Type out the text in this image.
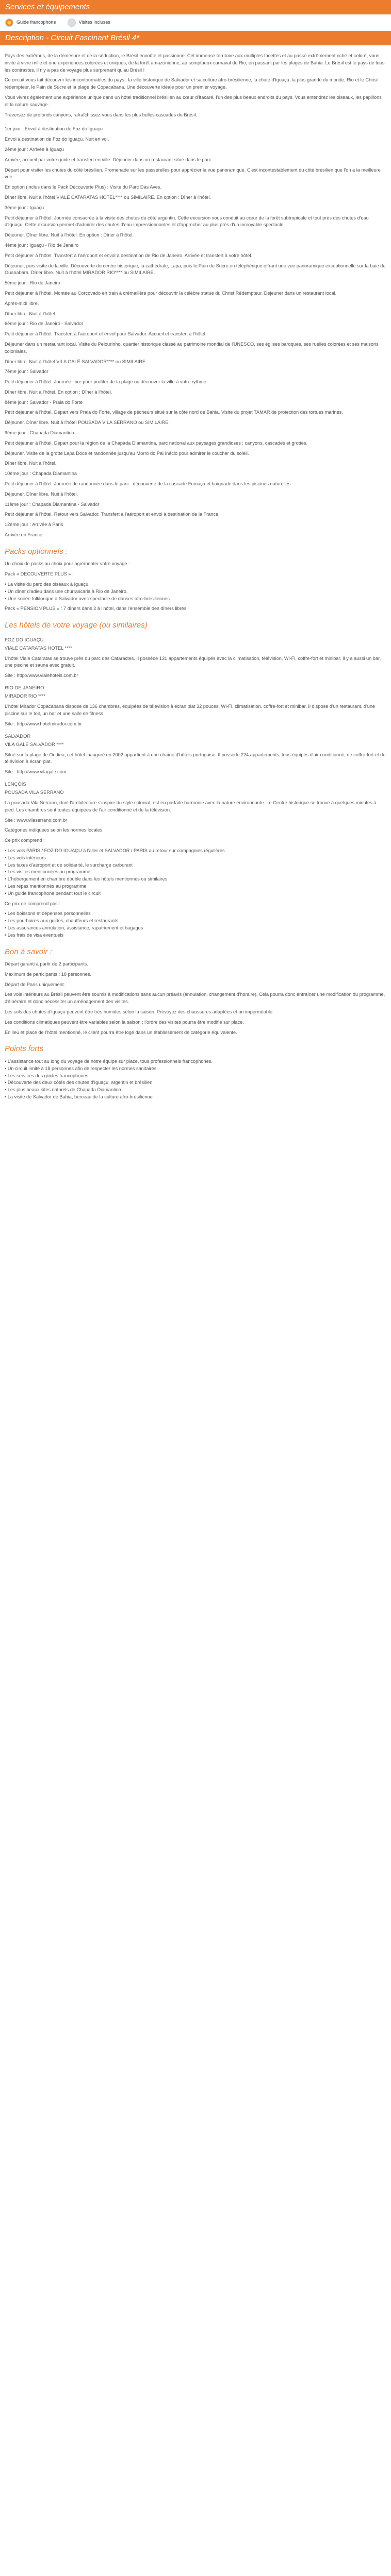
Services et équipements
Guide francophone	Visites incluses
Description - Circuit Fascinant Brésil 4*

Pays des extrêmes, de la démesure et de la séduction, le Brésil envoûte et passionne. Cet immense territoire aux multiples facettes et au passé extrêmement riche et coloré, vous invite à vivre mille et une expériences colorées et uniques, de la forêt amazonienne, au somptueux carnaval de Rio, en passant par les plages de Bahia. Le Brésil est le pays de tous les contrastes, il n'y a pas de voyage plus surprenant qu'au Brésil !

Ce circuit vous fait découvrir les incontournables du pays : la ville historique de Salvador et sa culture afro-brésilienne, la chute d'Iguaçu, la plus grande du monde, Rio et le Christ rédempteur, le Pain de Sucre et la plage de Copacabana. Une découverte idéale pour un premier voyage.

Vous vivrez également une expérience unique dans un hôtel traditionnel brésilien au cœur d'Itacaré, l'un des plus beaux endroits du pays. Vous entendrez les oiseaux, les papillons et la nature sauvage.

Traversez de profonds canyons, rafraîchissez-vous dans les plus belles cascades du Brésil.

1er jour : Envol à destination de Foz do Iguaçu

Envol à destination de Foz do Iguaçu. Nuit en vol.

2ème jour : Arrivée à Iguaçu

Arrivée, accueil par votre guide et transfert en ville. Déjeuner dans un restaurant situé dans le parc.

Départ pour visiter les chutes du côté brésilien. Promenade sur les passerelles pour apprécier la vue panoramique. C'est incontestablement du côté brésilien que l'on a la meilleure vue.

En option (inclus dans le Pack Découverte Plus) : Visite du Parc Das Aves.

Dîner libre. Nuit à l'hôtel VIALE CATARATAS HOTEL**** ou SIMILAIRE. En option : Dîner à l'hôtel.

3ème jour : Iguaçu

Petit déjeuner à l'hôtel. Journée consacrée à la visite des chutes du côté argentin. Cette excursion vous conduit au cœur de la forêt subtropicale et tout près des chutes d'eau d'Iguaçu. Cette excursion permet d'admirer des chutes d'eau impressionnantes et d'approcher au plus près d'un incroyable spectacle.

Déjeuner. Dîner libre. Nuit à l'hôtel. En option : Dîner à l'hôtel.

4ème jour : Iguaçu - Rio de Janeiro

Petit déjeuner à l'hôtel. Transfert à l'aéroport et envol à destination de Rio de Janeiro. Arrivée et transfert à votre hôtel.

Déjeuner, puis visite de la ville. Découverte du centre historique, la cathédrale, Lapa, puis le Pain de Sucre en téléphérique offrant une vue panoramique exceptionnelle sur la baie de Guanabara. Dîner libre. Nuit à l'hôtel MIRADOR RIO**** ou SIMILAIRE.

5ème jour : Rio de Janeiro

Petit déjeuner à l'hôtel. Montée au Corcovado en train à crémaillère pour découvrir la célèbre statue du Christ Rédempteur. Déjeuner dans un restaurant local.

Après-midi libre.

Dîner libre. Nuit à l'hôtel.

6ème jour : Rio de Janeiro - Salvador

Petit déjeuner à l'hôtel. Transfert à l'aéroport et envol pour Salvador. Accueil et transfert à l'hôtel.

Déjeuner dans un restaurant local. Visite du Pelourinho, quartier historique classé au patrimoine mondial de l'UNESCO, ses églises baroques, ses ruelles colorées et ses maisons coloniales.

Dîner libre. Nuit à l'hôtel VILA GALÉ SALVADOR**** ou SIMILAIRE.

7ème jour : Salvador

Petit déjeuner à l'hôtel. Journée libre pour profiter de la plage ou découvrir la ville à votre rythme.

Dîner libre. Nuit à l'hôtel. En option : Dîner à l'hôtel.

8ème jour : Salvador - Praia do Forte

Petit déjeuner à l'hôtel. Départ vers Praia do Forte, village de pêcheurs situé sur la côte nord de Bahia. Visite du projet TAMAR de protection des tortues marines.

Déjeuner. Dîner libre. Nuit à l'hôtel POUSADA VILA SERRANO ou SIMILAIRE.

9ème jour : Chapada Diamantina

Petit déjeuner à l'hôtel. Départ pour la région de la Chapada Diamantina, parc national aux paysages grandioses : canyons, cascades et grottes.

Déjeuner. Visite de la grotte Lapa Doce et randonnée jusqu'au Morro do Pai Inácio pour admirer le coucher du soleil.

Dîner libre. Nuit à l'hôtel.

10ème jour : Chapada Diamantina

Petit déjeuner à l'hôtel. Journée de randonnée dans le parc : découverte de la cascade Fumaça et baignade dans les piscines naturelles.

Déjeuner. Dîner libre. Nuit à l'hôtel.

11ème jour : Chapada Diamantina - Salvador

Petit déjeuner à l'hôtel. Retour vers Salvador. Transfert à l'aéroport et envol à destination de la France.

12ème jour : Arrivée à Paris

Arrivée en France.

Packs optionnels :

Un choix de packs au choix pour agrémenter votre voyage :

Pack « DECOUVERTE PLUS » :

• La visite du parc des oiseaux à Iguaçu.
• Un dîner d'adieu dans une churrascaria à Rio de Janeiro.
• Une soirée folklorique à Salvador avec spectacle de danses afro-brésiliennes.

Pack « PENSION PLUS » : 7 dîners dans 2 à l'hôtel, dans l'ensemble des dîners libres.

Les hôtels de votre voyage (ou similaires)
FOZ DO IGUAÇU

VIALE CATARATAS HOTEL ****

L'hôtel Viale Cataratas se trouve près du parc des Cataractes. Il possède 131 appartements équipés avec la climatisation, télévision, Wi-Fi, coffre-fort et minibar. Il y a aussi un bar, une piscine et sauna avec gratuit.

Site : http://www.vialehoteis.com.br

RIO DE JANEIRO

MIRADOR RIO ****

L'hôtel Mirador Copacabana dispose de 136 chambres, équipées de télévision à écran plat 32 pouces, Wi-Fi, climatisation, coffre-fort et minibar. Il dispose d'un restaurant, d'une piscine sur le toit, un bar et une salle de fitness.

Site : http://www.hotelmirador.com.br

SALVADOR

VILA GALÉ SALVADOR ****

Situé sur la plage de Ondina, cet hôtel inauguré en 2002 appartient à une chaîne d'hôtels portugaise. Il possède 224 appartements, tous équipés d'air conditionné, de coffre-fort et de télévision à écran plat.

Site : http://www.vilagale.com

LENÇÓIS

POUSADA VILA SERRANO

La pousada Vila Serrano, dont l'architecture s'inspire du style colonial, est en parfaite harmonie avec la nature environnante. Le Centre historique se trouve à quelques minutes à pied. Les chambres sont toutes équipées de l'air conditionné et de la télévision.

Site : www.vilaserrano.com.br

Catégories indiquées selon les normes locales

Ce prix comprend :

• Les vols PARIS / FOZ DO IGUAÇU à l'aller et SALVADOR / PARIS au retour sur compagnies régulières
• Les vols intérieurs
• Les taxes d'aéroport et de solidarité, le surcharge carburant
• Les visites mentionnées au programme
• L'hébergement en chambre double dans les hôtels mentionnés ou similaires
• Les repas mentionnés au programme
• Un guide francophone pendant tout le circuit

Ce prix ne comprend pas :

• Les boissons et dépenses personnelles
• Les pourboires aux guides, chauffeurs et restaurants
• Les assurances annulation, assistance, rapatriement et bagages
• Les frais de visa éventuels
Bon à savoir :

Départ garanti à partir de 2 participants.

Maximum de participants : 18 personnes.

Départ de Paris uniquement.

Les vols intérieurs au Brésil peuvent être soumis à modifications sans aucun préavis (annulation, changement d'horaire). Cela pourra donc entraîner une modification du programme, d'itinéraire et donc nécessiter un aménagement des visites.

Les sols des chutes d'Iguaçu peuvent être très humides selon la saison. Prévoyez des chaussures adaptées et un imperméable.

Les conditions climatiques peuvent être variables selon la saison ; l'ordre des visites pourra être modifié sur place.

En lieu et place de l'hôtel mentionné, le client pourra être logé dans un établissement de catégorie équivalente.

Points forts
• L'assistance tout au long du voyage de notre équipe sur place, tous professionnels francophones.
• Un circuit limité à 18 personnes afin de respecter les normes sanitaires.
• Les services des guides francophones.
• Découverte des deux côtés des chutes d'Iguaçu, argentin et brésilien.
• Les plus beaux sites naturels de Chapada Diamantina.
• La visite de Salvador de Bahia, berceau de la culture afro-brésilienne.
